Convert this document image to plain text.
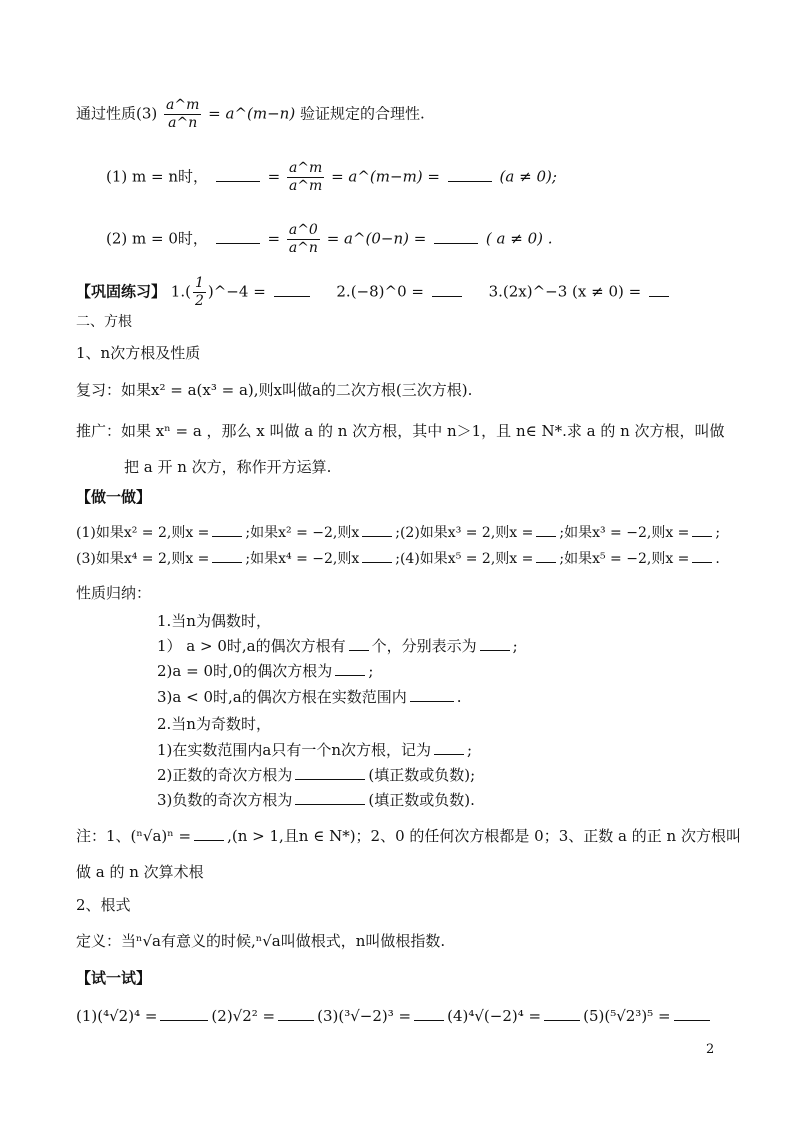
通过性质$(3) \frac{a\^{}m}{a\^{}n}$ = a^(m−n) 验证规定的合理性.
(1) m = n时，	= $\frac{a\^{}m}{a\^{}m}$ = a^(m−m) =	(a ≠ 0);
(2) m = 0时，	= $\frac{a\^{}0}{a\^{}n}$ = a^(0−n) =	( a ≠ 0) .
【巩固练习】 $1.( \frac{1}{2}$ )^−4 =	2.(−8)^0 =	3.(2x)^−3 (x ≠ 0) =
二、方根
1、n次方根及性质
复习：如果x² = a(x³ = a),则x叫做a的二次方根(三次方根).
推广：如果 xⁿ = a ，那么 x 叫做 a 的 n 次方根，其中 n＞1，且 n∈ N*.求 a 的 n 次方根，叫做
把 a 开 n 次方，称作开方运算.
【做一做】
(1)如果x² = 2,则x =	;如果x² = −2,则x	;(2)如果x³ = 2,则x = ;如果x³ = −2,则x = ;
(3)如果x⁴ = 2,则x =	;如果x⁴ = −2,则x	;(4)如果x⁵ = 2,则x = ;如果x⁵ = −2,则x = .
性质归纳：
1.当n为偶数时，
1） a > 0时,a的偶次方根有 个，分别表示为 ;
2)a = 0时,0的偶次方根为 ;
3)a < 0时,a的偶次方根在实数范围内	.
2.当n为奇数时，
1)在实数范围内a只有一个n次方根，记为 ;
2)正数的奇次方根为	(填正数或负数);
3)负数的奇次方根为	(填正数或负数).
注：1、(ⁿ√a)ⁿ = ,(n > 1,且n ∈ N*)；2、0 的任何次方根都是 0；3、正数 a 的正 n 次方根叫
做 a 的 n 次算术根
2、根式
定义：当ⁿ√a有意义的时候,ⁿ√a叫做根式，n叫做根指数.
【试一试】
(1)(⁴√2)⁴ =	(2)√2² =	(3)(³√−2)³ = (4)⁴√(−2)⁴ =	(5)(⁵√2³)⁵ =
2
